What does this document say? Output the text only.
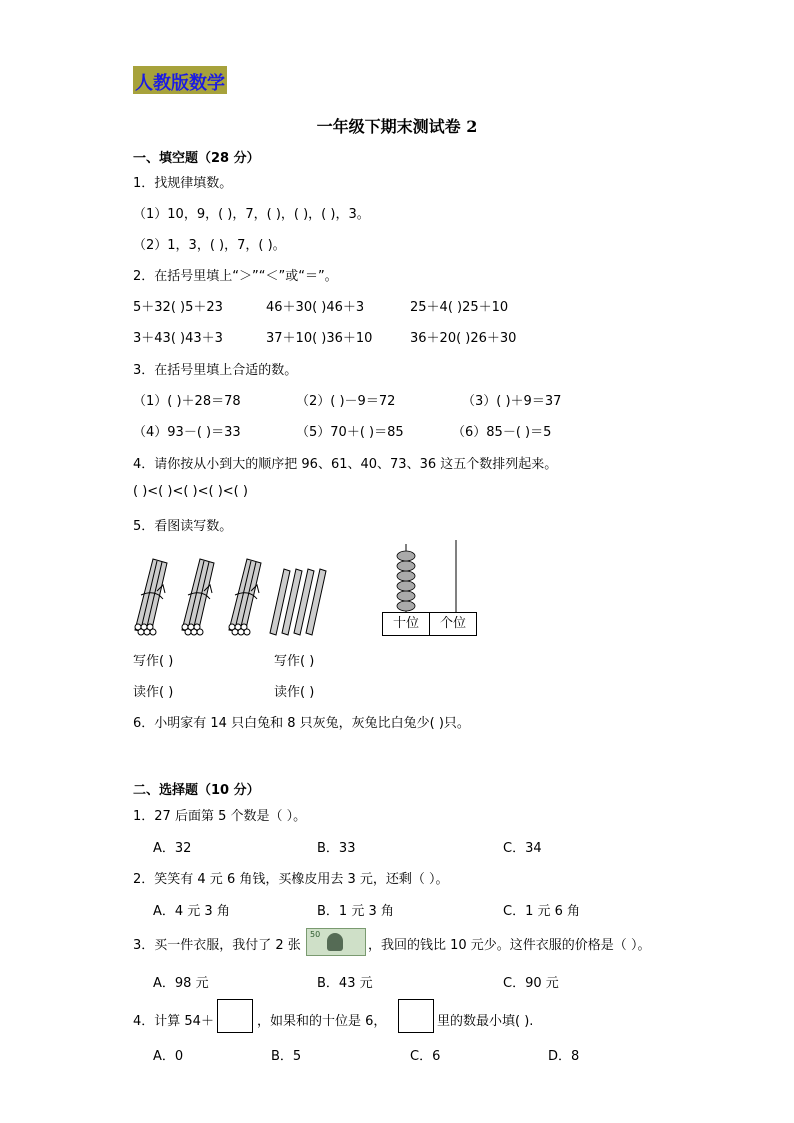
人教版数学
一年级下期末测试卷 2
一、填空题（28 分）
1．找规律填数。
（1）10，9，( )，7，( )，( )，( )，3。
（2）1，3，( )，7，( )。
2．在括号里填上“＞”“＜”或“＝”。
5＋32( )5＋23	46＋30( )46＋3	25＋4( )25＋10
3＋43( )43＋3	37＋10( )36＋10	36＋20( )26＋30
3．在括号里填上合适的数。
（1）( )＋28＝78	（2）( )－9＝72	（3）( )＋9＝37
（4）93－( )＝33	（5）70＋( )＝85	（6）85－( )＝5
4．请你按从小到大的顺序把 96、61、40、73、36 这五个数排列起来。
( )<( )<( )<( )<( )
5．看图读写数。
十位	个位
写作( )	写作( )
读作( )	读作( )
6．小明家有 14 只白兔和 8 只灰兔，灰兔比白兔少( )只。
二、选择题（10 分）
1．27 后面第 5 个数是（ ）。
A．32	B．33	C．34
2．笑笑有 4 元 6 角钱，买橡皮用去 3 元，还剩（ ）。
A．4 元 3 角	B．1 元 3 角	C．1 元 6 角
3．买一件衣服，我付了 2 张
50
，我回的钱比 10 元少。这件衣服的价格是（ ）。
A．98 元	B．43 元	C．90 元
4．计算 54＋	，如果和的十位是 6，	里的数最小填( ).
A．0	B．5	C．6	D．8
